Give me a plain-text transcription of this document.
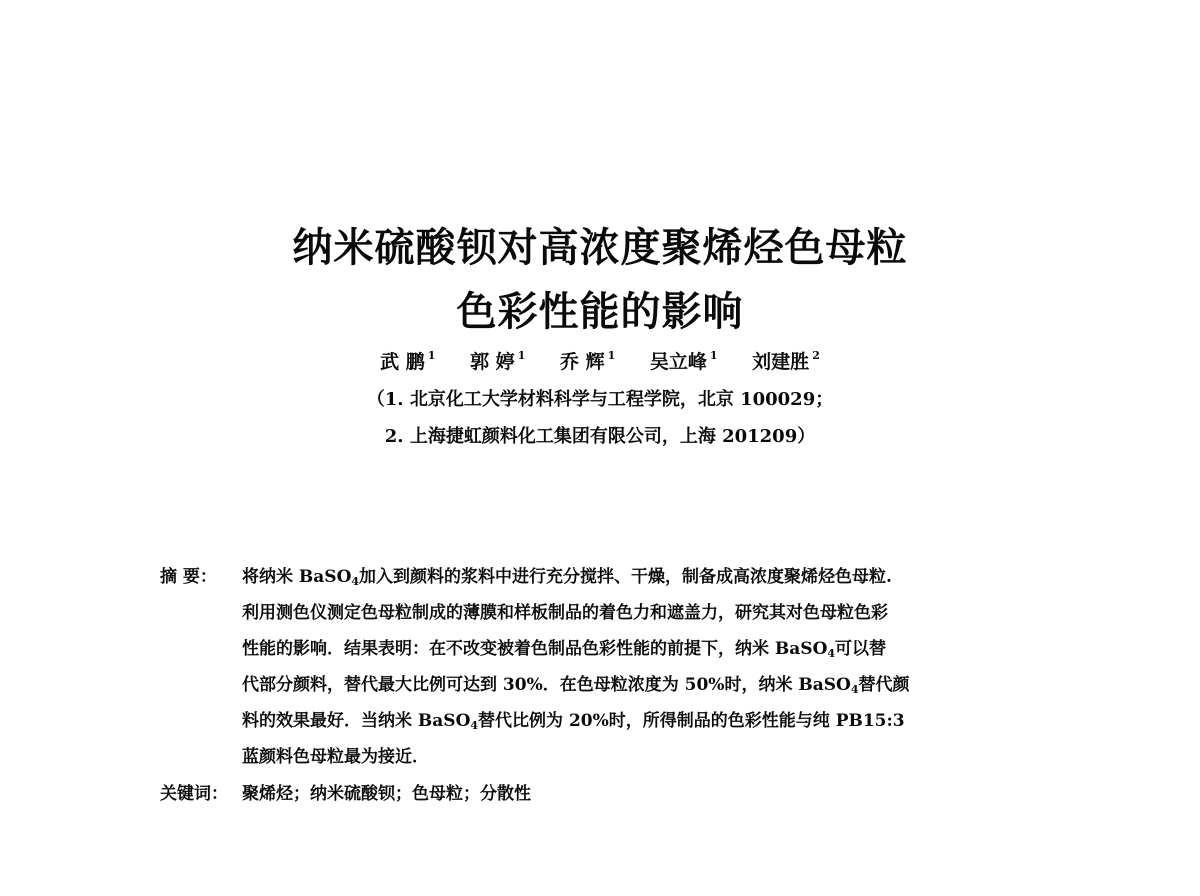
纳米硫酸钡对高浓度聚烯烃色母粒
色彩性能的影响
武 鹏 $^1$ 郭 婷 $^1$ 乔 辉 $^1$ 吴立峰 $^1$ 刘建胜 $^2$
（1. 北京化工大学材料科学与工程学院，北京 100029；
2. 上海捷虹颜料化工集团有限公司，上海 201209）
摘 要：	将纳米 BaSO$_4$加入到颜料的浆料中进行充分搅拌、干燥，制备成高浓度聚烯烃色母粒.
利用测色仪测定色母粒制成的薄膜和样板制品的着色力和遮盖力，研究其对色母粒色彩
性能的影响．结果表明：在不改变被着色制品色彩性能的前提下，纳米 BaSO$_4$可以替
代部分颜料，替代最大比例可达到 30%．在色母粒浓度为 50%时，纳米 BaSO$_4$替代颜
料的效果最好．当纳米 BaSO$_4$替代比例为 20%时，所得制品的色彩性能与纯 PB15:3
蓝颜料色母粒最为接近．
关键词： 聚烯烃；纳米硫酸钡；色母粒；分散性
